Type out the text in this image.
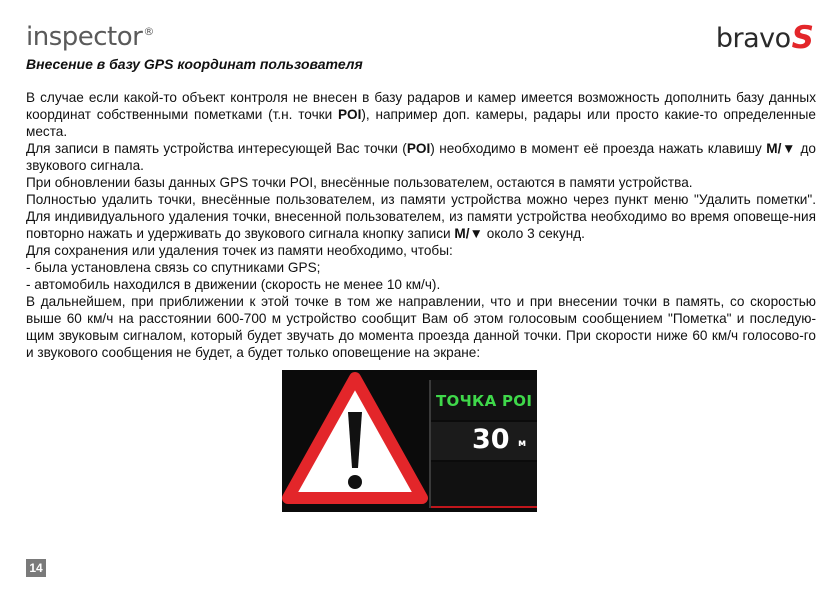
inspector®	bravo S
Внесение в базу GPS координат пользователя

В случае если какой-то объект контроля не внесен в базу радаров и камер имеется возможность дополнить базу данных координат собственными пометками (т.н. точки POI), например доп. камеры, радары или просто какие-то определенные места.

Для записи в память устройства интересующей Вас точки (POI) необходимо в момент её проезда нажать клавишу M/▼ до звукового сигнала.

При обновлении базы данных GPS точки POI, внесённые пользователем, остаются в памяти устройства.

Полностью удалить точки, внесённые пользователем, из памяти устройства можно через пункт меню "Удалить пометки". Для индивидуального удаления точки, внесенной пользователем, из памяти устройства необходимо во время оповеще-ния повторно нажать и удерживать до звукового сигнала кнопку записи M/▼ около 3 секунд.

Для сохранения или удаления точек из памяти необходимо, чтобы:

- была установлена связь со спутниками GPS;

- автомобиль находился в движении (скорость не менее 10 км/ч).

В дальнейшем, при приближении к этой точке в том же направлении, что и при внесении точки в память, со скоростью выше 60 км/ч на расстоянии 600-700 м устройство сообщит Вам об этом голосовым сообщением "Пометка" и последую-щим звуковым сигналом, который будет звучать до момента проезда данной точки. При скорости ниже 60 км/ч голосово-го и звукового сообщения не будет, а будет только оповещение на экране:

ТОЧКА POI
30 м
14
